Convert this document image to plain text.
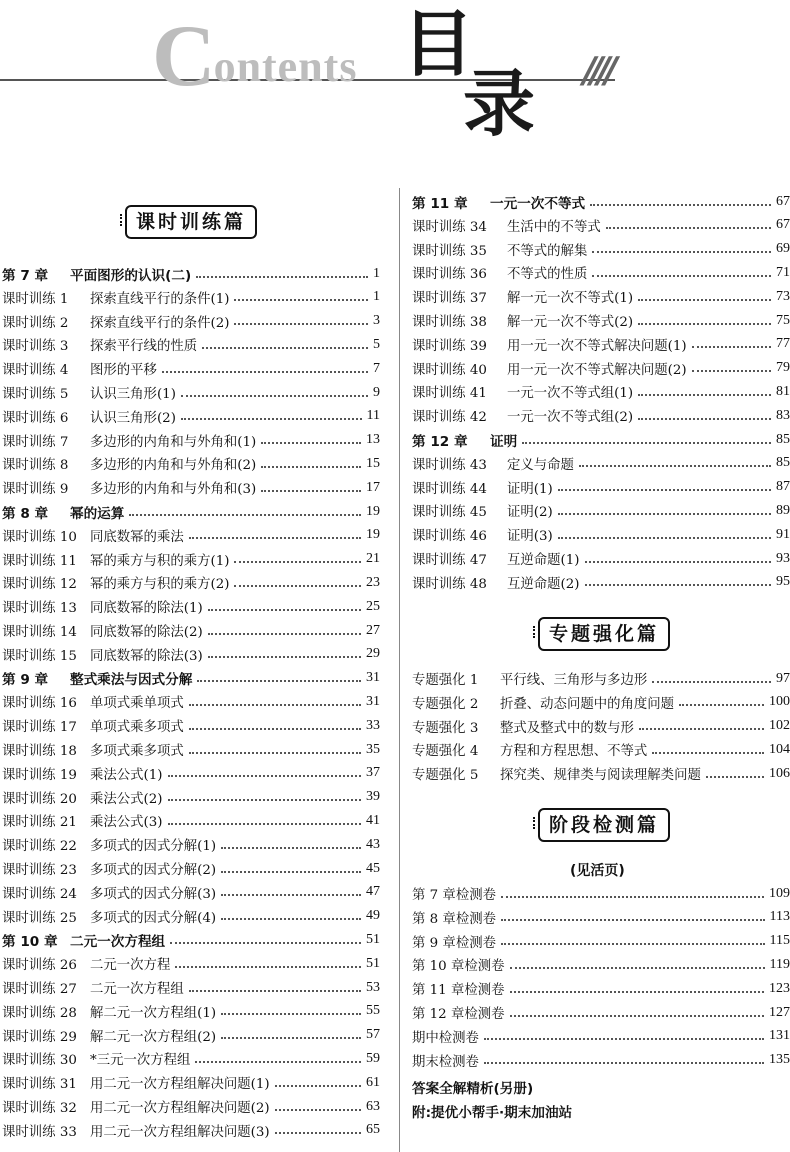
Contents 目
录 ////
课时训练篇
专题强化篇
阶段检测篇
(见活页)
第 7 章	平面图形的认识(二)	1
课时训练 1	探索直线平行的条件(1)	1
课时训练 2	探索直线平行的条件(2)	3
课时训练 3	探索平行线的性质	5
课时训练 4	图形的平移	7
课时训练 5	认识三角形(1)	9
课时训练 6	认识三角形(2)	11
课时训练 7	多边形的内角和与外角和(1)	13
课时训练 8	多边形的内角和与外角和(2)	15
课时训练 9	多边形的内角和与外角和(3)	17
第 8 章	幂的运算	19
课时训练 10 同底数幂的乘法	19
课时训练 11 幂的乘方与积的乘方(1)	21
课时训练 12 幂的乘方与积的乘方(2)	23
课时训练 13 同底数幂的除法(1)	25
课时训练 14 同底数幂的除法(2)	27
课时训练 15 同底数幂的除法(3)	29
第 9 章	整式乘法与因式分解	31
课时训练 16 单项式乘单项式	31
课时训练 17 单项式乘多项式	33
课时训练 18 多项式乘多项式	35
课时训练 19 乘法公式(1)	37
课时训练 20 乘法公式(2)	39
课时训练 21 乘法公式(3)	41
课时训练 22 多项式的因式分解(1)	43
课时训练 23 多项式的因式分解(2)	45
课时训练 24 多项式的因式分解(3)	47
课时训练 25 多项式的因式分解(4)	49
第 10 章 二元一次方程组	51
课时训练 26 二元一次方程	51
课时训练 27 二元一次方程组	53
课时训练 28 解二元一次方程组(1)	55
课时训练 29 解二元一次方程组(2)	57
课时训练 30 *三元一次方程组	59
课时训练 31 用二元一次方程组解决问题(1)	61
课时训练 32 用二元一次方程组解决问题(2)	63
课时训练 33 用二元一次方程组解决问题(3)	65
第 11 章	一元一次不等式	67
课时训练 34	生活中的不等式	67
课时训练 35	不等式的解集	69
课时训练 36	不等式的性质	71
课时训练 37	解一元一次不等式(1)	73
课时训练 38	解一元一次不等式(2)	75
课时训练 39	用一元一次不等式解决问题(1)	77
课时训练 40	用一元一次不等式解决问题(2)	79
课时训练 41	一元一次不等式组(1)	81
课时训练 42	一元一次不等式组(2)	83
第 12 章	证明	85
课时训练 43	定义与命题	85
课时训练 44	证明(1)	87
课时训练 45	证明(2)	89
课时训练 46	证明(3)	91
课时训练 47	互逆命题(1)	93
课时训练 48	互逆命题(2)	95
专题强化 1	平行线、三角形与多边形	97
专题强化 2	折叠、动态问题中的角度问题	100
专题强化 3	整式及整式中的数与形	102
专题强化 4	方程和方程思想、不等式	104
专题强化 5	探究类、规律类与阅读理解类问题	106
第 7 章检测卷	109
第 8 章检测卷	113
第 9 章检测卷	115
第 10 章检测卷	119
第 11 章检测卷	123
第 12 章检测卷	127
期中检测卷	131
期末检测卷	135
答案全解精析(另册)
附:提优小帮手·期末加油站
